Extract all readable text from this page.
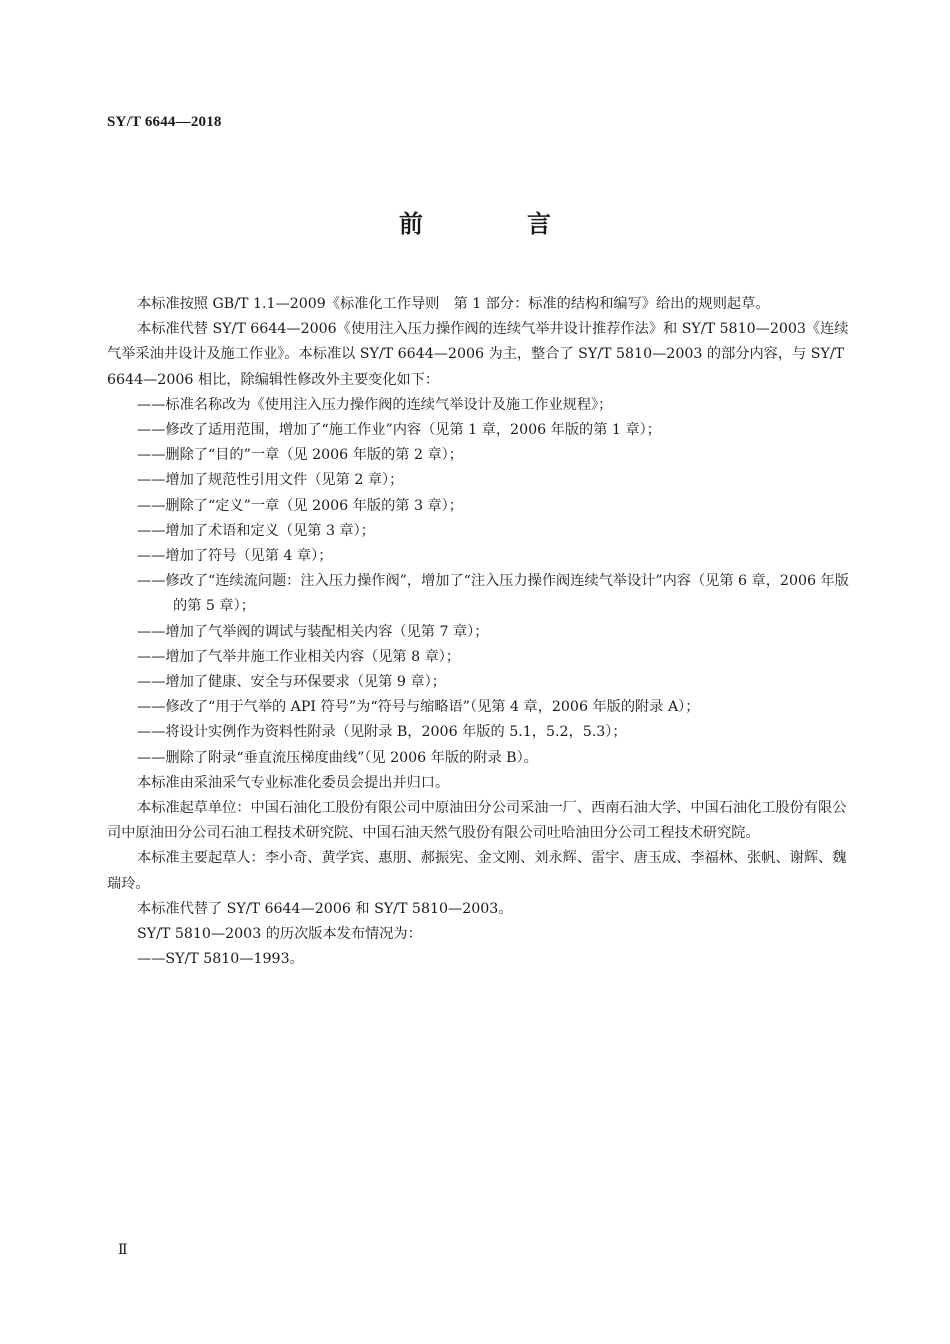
SY/T 6644—2018
前　言

本标准按照 GB/T 1.1—2009《标准化工作导则　第 1 部分：标准的结构和编写》给出的规则起草。

本标准代替 SY/T 6644—2006《使用注入压力操作阀的连续气举井设计推荐作法》和 SY/T 5810—2003《连续气举采油井设计及施工作业》。本标准以 SY/T 6644—2006 为主，整合了 SY/T 5810—2003 的部分内容，与 SY/T 6644—2006 相比，除编辑性修改外主要变化如下：

——标准名称改为《使用注入压力操作阀的连续气举设计及施工作业规程》；

——修改了适用范围，增加了“施工作业”内容（见第 1 章，2006 年版的第 1 章）；

——删除了“目的”一章（见 2006 年版的第 2 章）；

——增加了规范性引用文件（见第 2 章）；

——删除了“定义”一章（见 2006 年版的第 3 章）；

——增加了术语和定义（见第 3 章）；

——增加了符号（见第 4 章）；

——修改了“连续流问题：注入压力操作阀”，增加了“注入压力操作阀连续气举设计”内容（见第 6 章，2006 年版的第 5 章）；

——增加了气举阀的调试与装配相关内容（见第 7 章）；

——增加了气举井施工作业相关内容（见第 8 章）；

——增加了健康、安全与环保要求（见第 9 章）；

——修改了“用于气举的 API 符号”为“符号与缩略语”（见第 4 章，2006 年版的附录 A）；

——将设计实例作为资料性附录（见附录 B，2006 年版的 5.1，5.2，5.3）；

——删除了附录“垂直流压梯度曲线”（见 2006 年版的附录 B）。

本标准由采油采气专业标准化委员会提出并归口。

本标准起草单位：中国石油化工股份有限公司中原油田分公司采油一厂、西南石油大学、中国石油化工股份有限公司中原油田分公司石油工程技术研究院、中国石油天然气股份有限公司吐哈油田分公司工程技术研究院。

本标准主要起草人：李小奇、黄学宾、惠朋、郝振宪、金文刚、刘永辉、雷宇、唐玉成、李福林、张帆、谢辉、魏瑞玲。

本标准代替了 SY/T 6644—2006 和 SY/T 5810—2003。

SY/T 5810—2003 的历次版本发布情况为：

——SY/T 5810—1993。

Ⅱ
